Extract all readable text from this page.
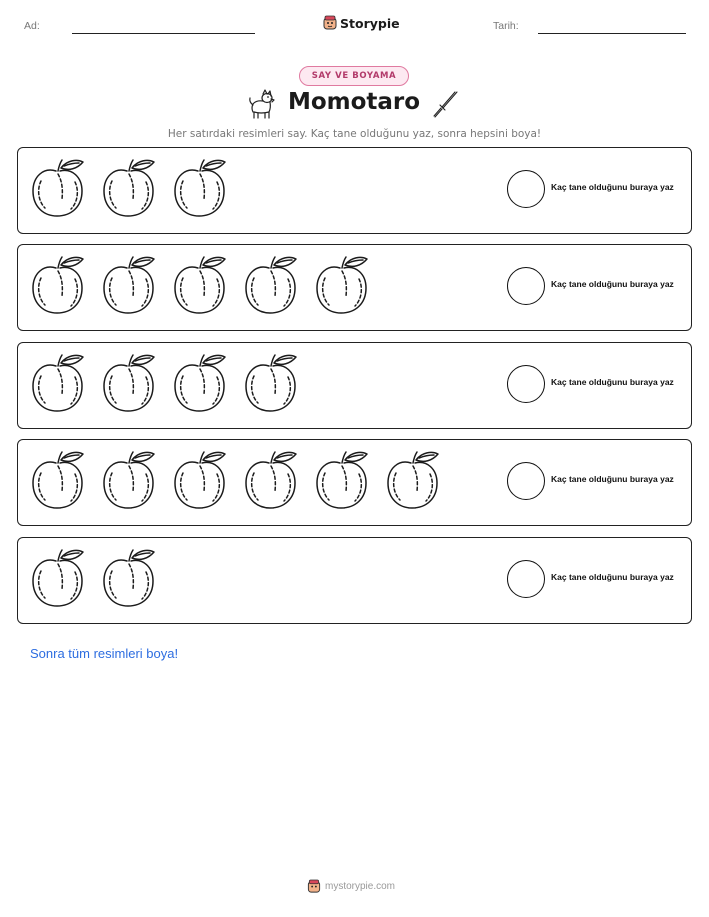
Ad:	Storypie	Tarih:
SAY VE BOYAMA
Momotaro
Her satırdaki resimleri say. Kaç tane olduğunu yaz, sonra hepsini boya!
Kaç tane olduğunu buraya yaz
Kaç tane olduğunu buraya yaz
Kaç tane olduğunu buraya yaz
Kaç tane olduğunu buraya yaz
Kaç tane olduğunu buraya yaz
Sonra tüm resimleri boya!
mystorypie.com
